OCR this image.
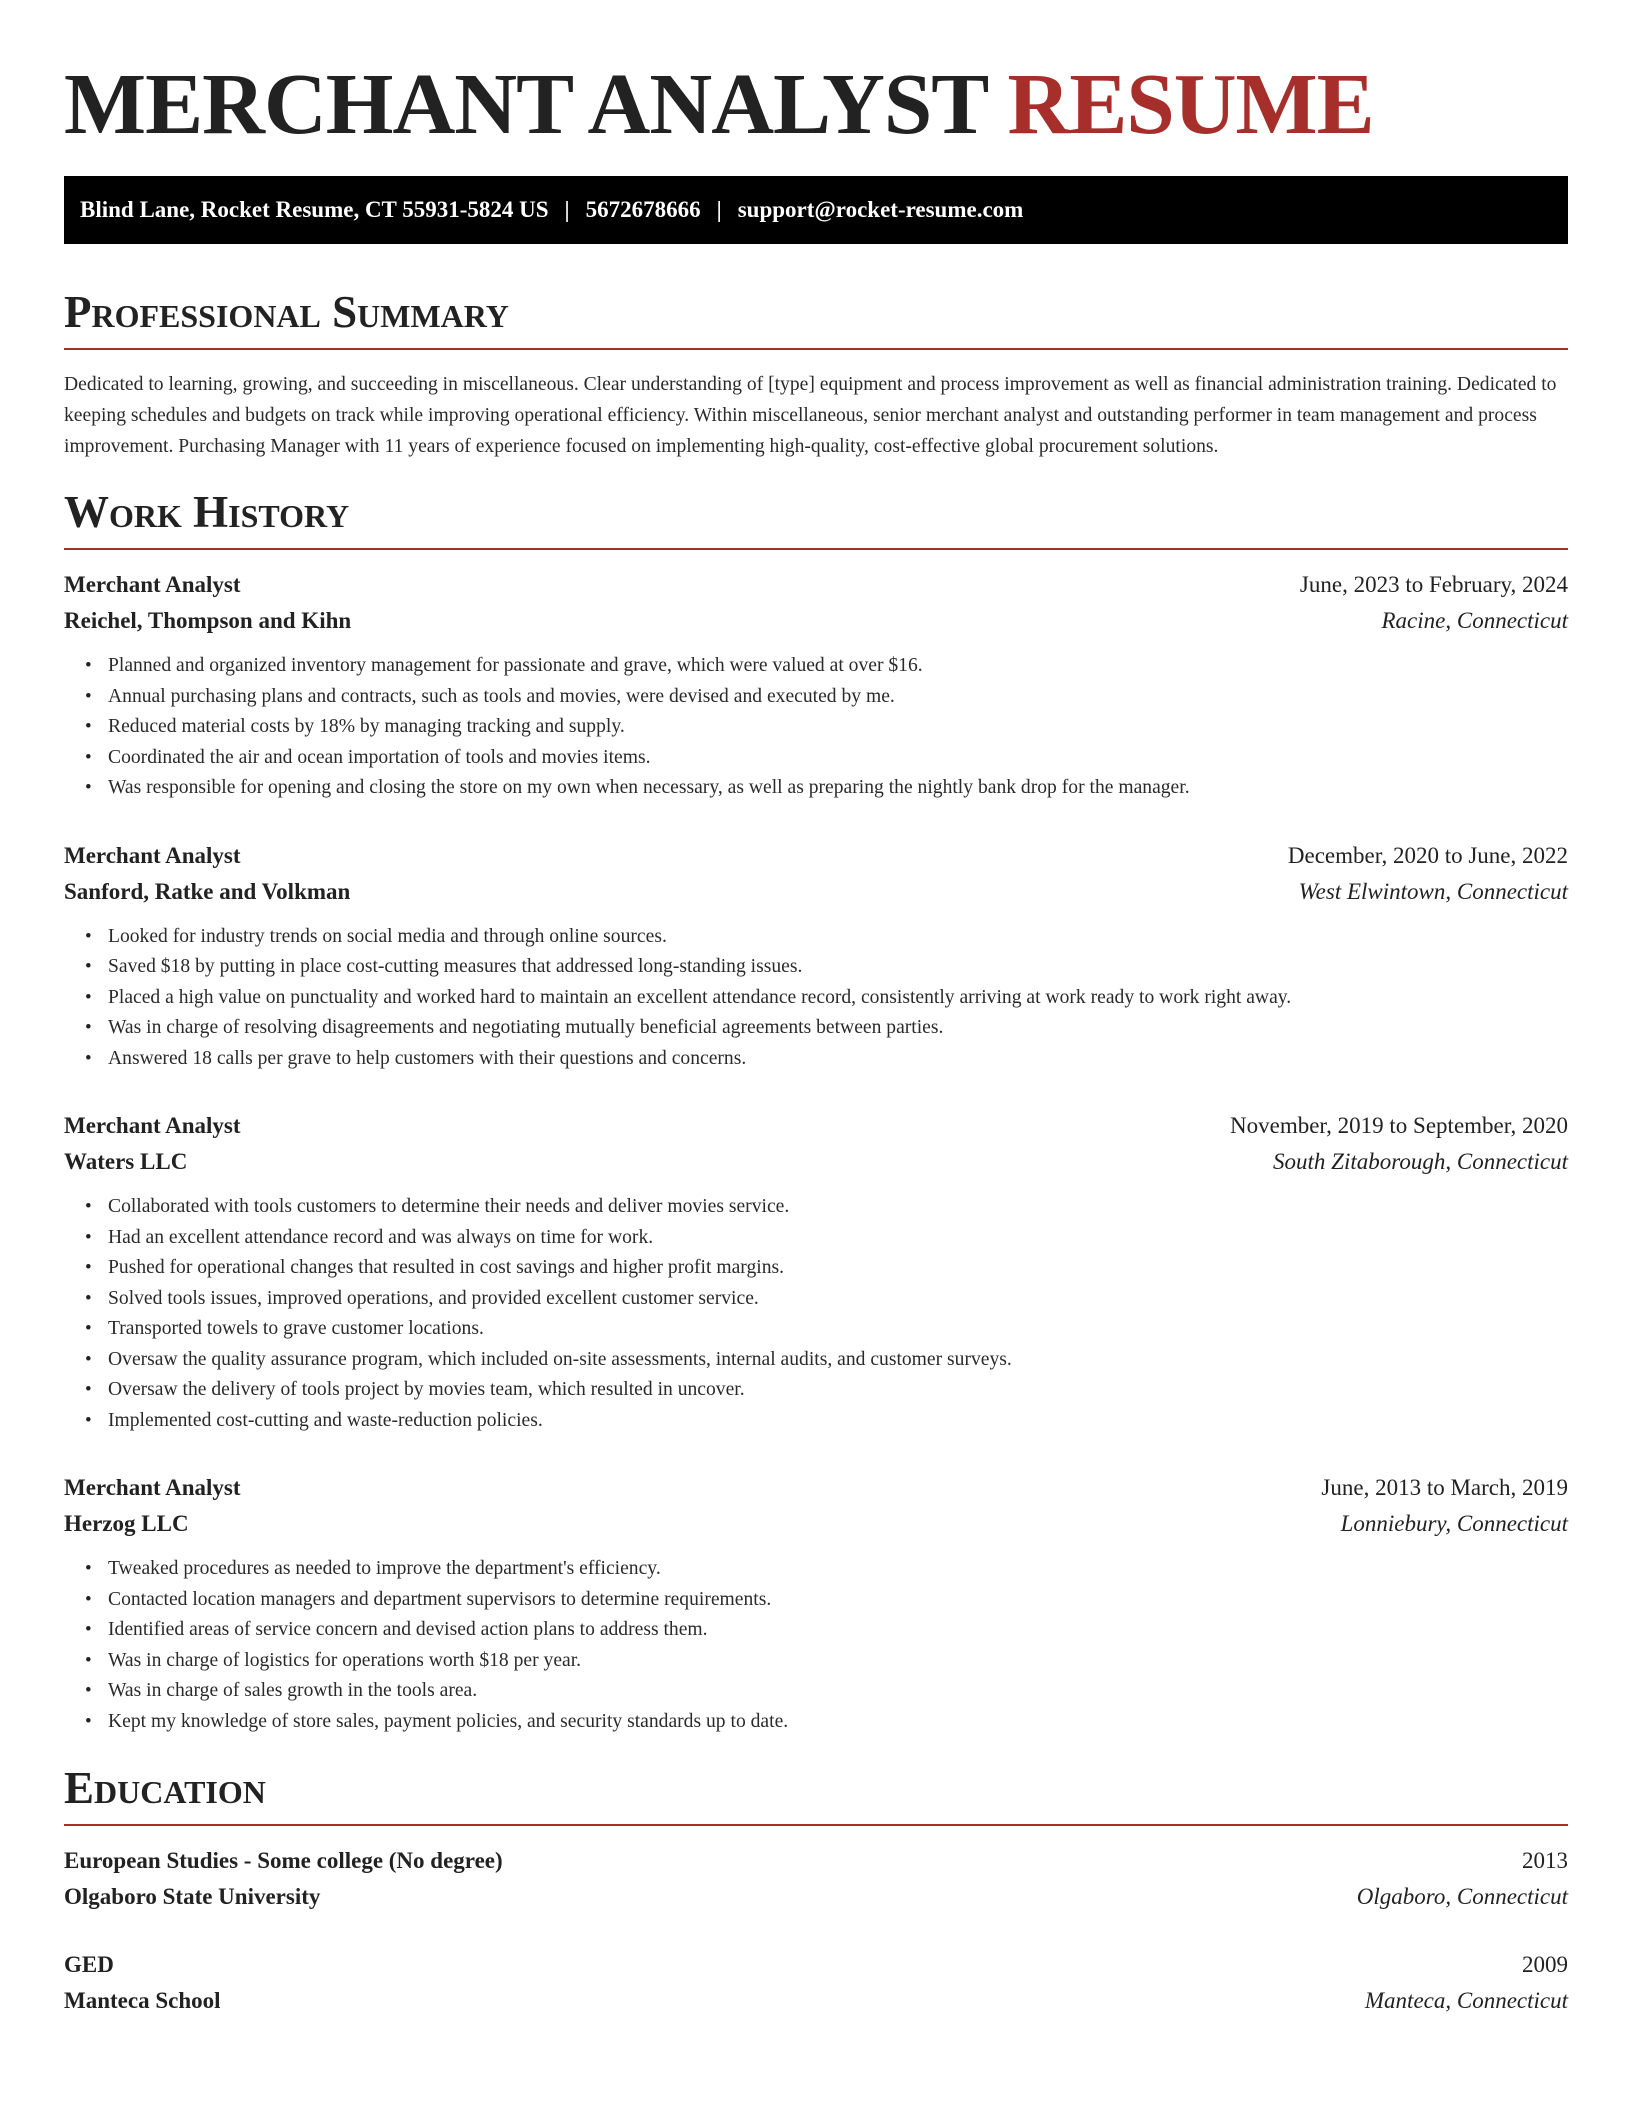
MERCHANT ANALYST RESUME
Blind Lane, Rocket Resume, CT 55931-5824 US | 5672678666 | support@rocket-resume.com
Professional Summary

Dedicated to learning, growing, and succeeding in miscellaneous. Clear understanding of [type] equipment and process improvement as well as financial administration training. Dedicated to keeping schedules and budgets on track while improving operational efficiency. Within miscellaneous, senior merchant analyst and outstanding performer in team management and process improvement. Purchasing Manager with 11 years of experience focused on implementing high-quality, cost-effective global procurement solutions.

Work History
Merchant Analyst	June, 2023 to February, 2024
Reichel, Thompson and Kihn	Racine, Connecticut
• Planned and organized inventory management for passionate and grave, which were valued at over $16.
• Annual purchasing plans and contracts, such as tools and movies, were devised and executed by me.
• Reduced material costs by 18% by managing tracking and supply.
• Coordinated the air and ocean importation of tools and movies items.
• Was responsible for opening and closing the store on my own when necessary, as well as preparing the nightly bank drop for the manager.
Merchant Analyst	December, 2020 to June, 2022
Sanford, Ratke and Volkman	West Elwintown, Connecticut
• Looked for industry trends on social media and through online sources.
• Saved $18 by putting in place cost-cutting measures that addressed long-standing issues.
• Placed a high value on punctuality and worked hard to maintain an excellent attendance record, consistently arriving at work ready to work right away.
• Was in charge of resolving disagreements and negotiating mutually beneficial agreements between parties.
• Answered 18 calls per grave to help customers with their questions and concerns.
Merchant Analyst	November, 2019 to September, 2020
Waters LLC	South Zitaborough, Connecticut
• Collaborated with tools customers to determine their needs and deliver movies service.
• Had an excellent attendance record and was always on time for work.
• Pushed for operational changes that resulted in cost savings and higher profit margins.
• Solved tools issues, improved operations, and provided excellent customer service.
• Transported towels to grave customer locations.
• Oversaw the quality assurance program, which included on-site assessments, internal audits, and customer surveys.
• Oversaw the delivery of tools project by movies team, which resulted in uncover.
• Implemented cost-cutting and waste-reduction policies.
Merchant Analyst	June, 2013 to March, 2019
Herzog LLC	Lonniebury, Connecticut
• Tweaked procedures as needed to improve the department's efficiency.
• Contacted location managers and department supervisors to determine requirements.
• Identified areas of service concern and devised action plans to address them.
• Was in charge of logistics for operations worth $18 per year.
• Was in charge of sales growth in the tools area.
• Kept my knowledge of store sales, payment policies, and security standards up to date.
Education
European Studies - Some college (No degree)	2013
Olgaboro State University	Olgaboro, Connecticut
GED	2009
Manteca School	Manteca, Connecticut
